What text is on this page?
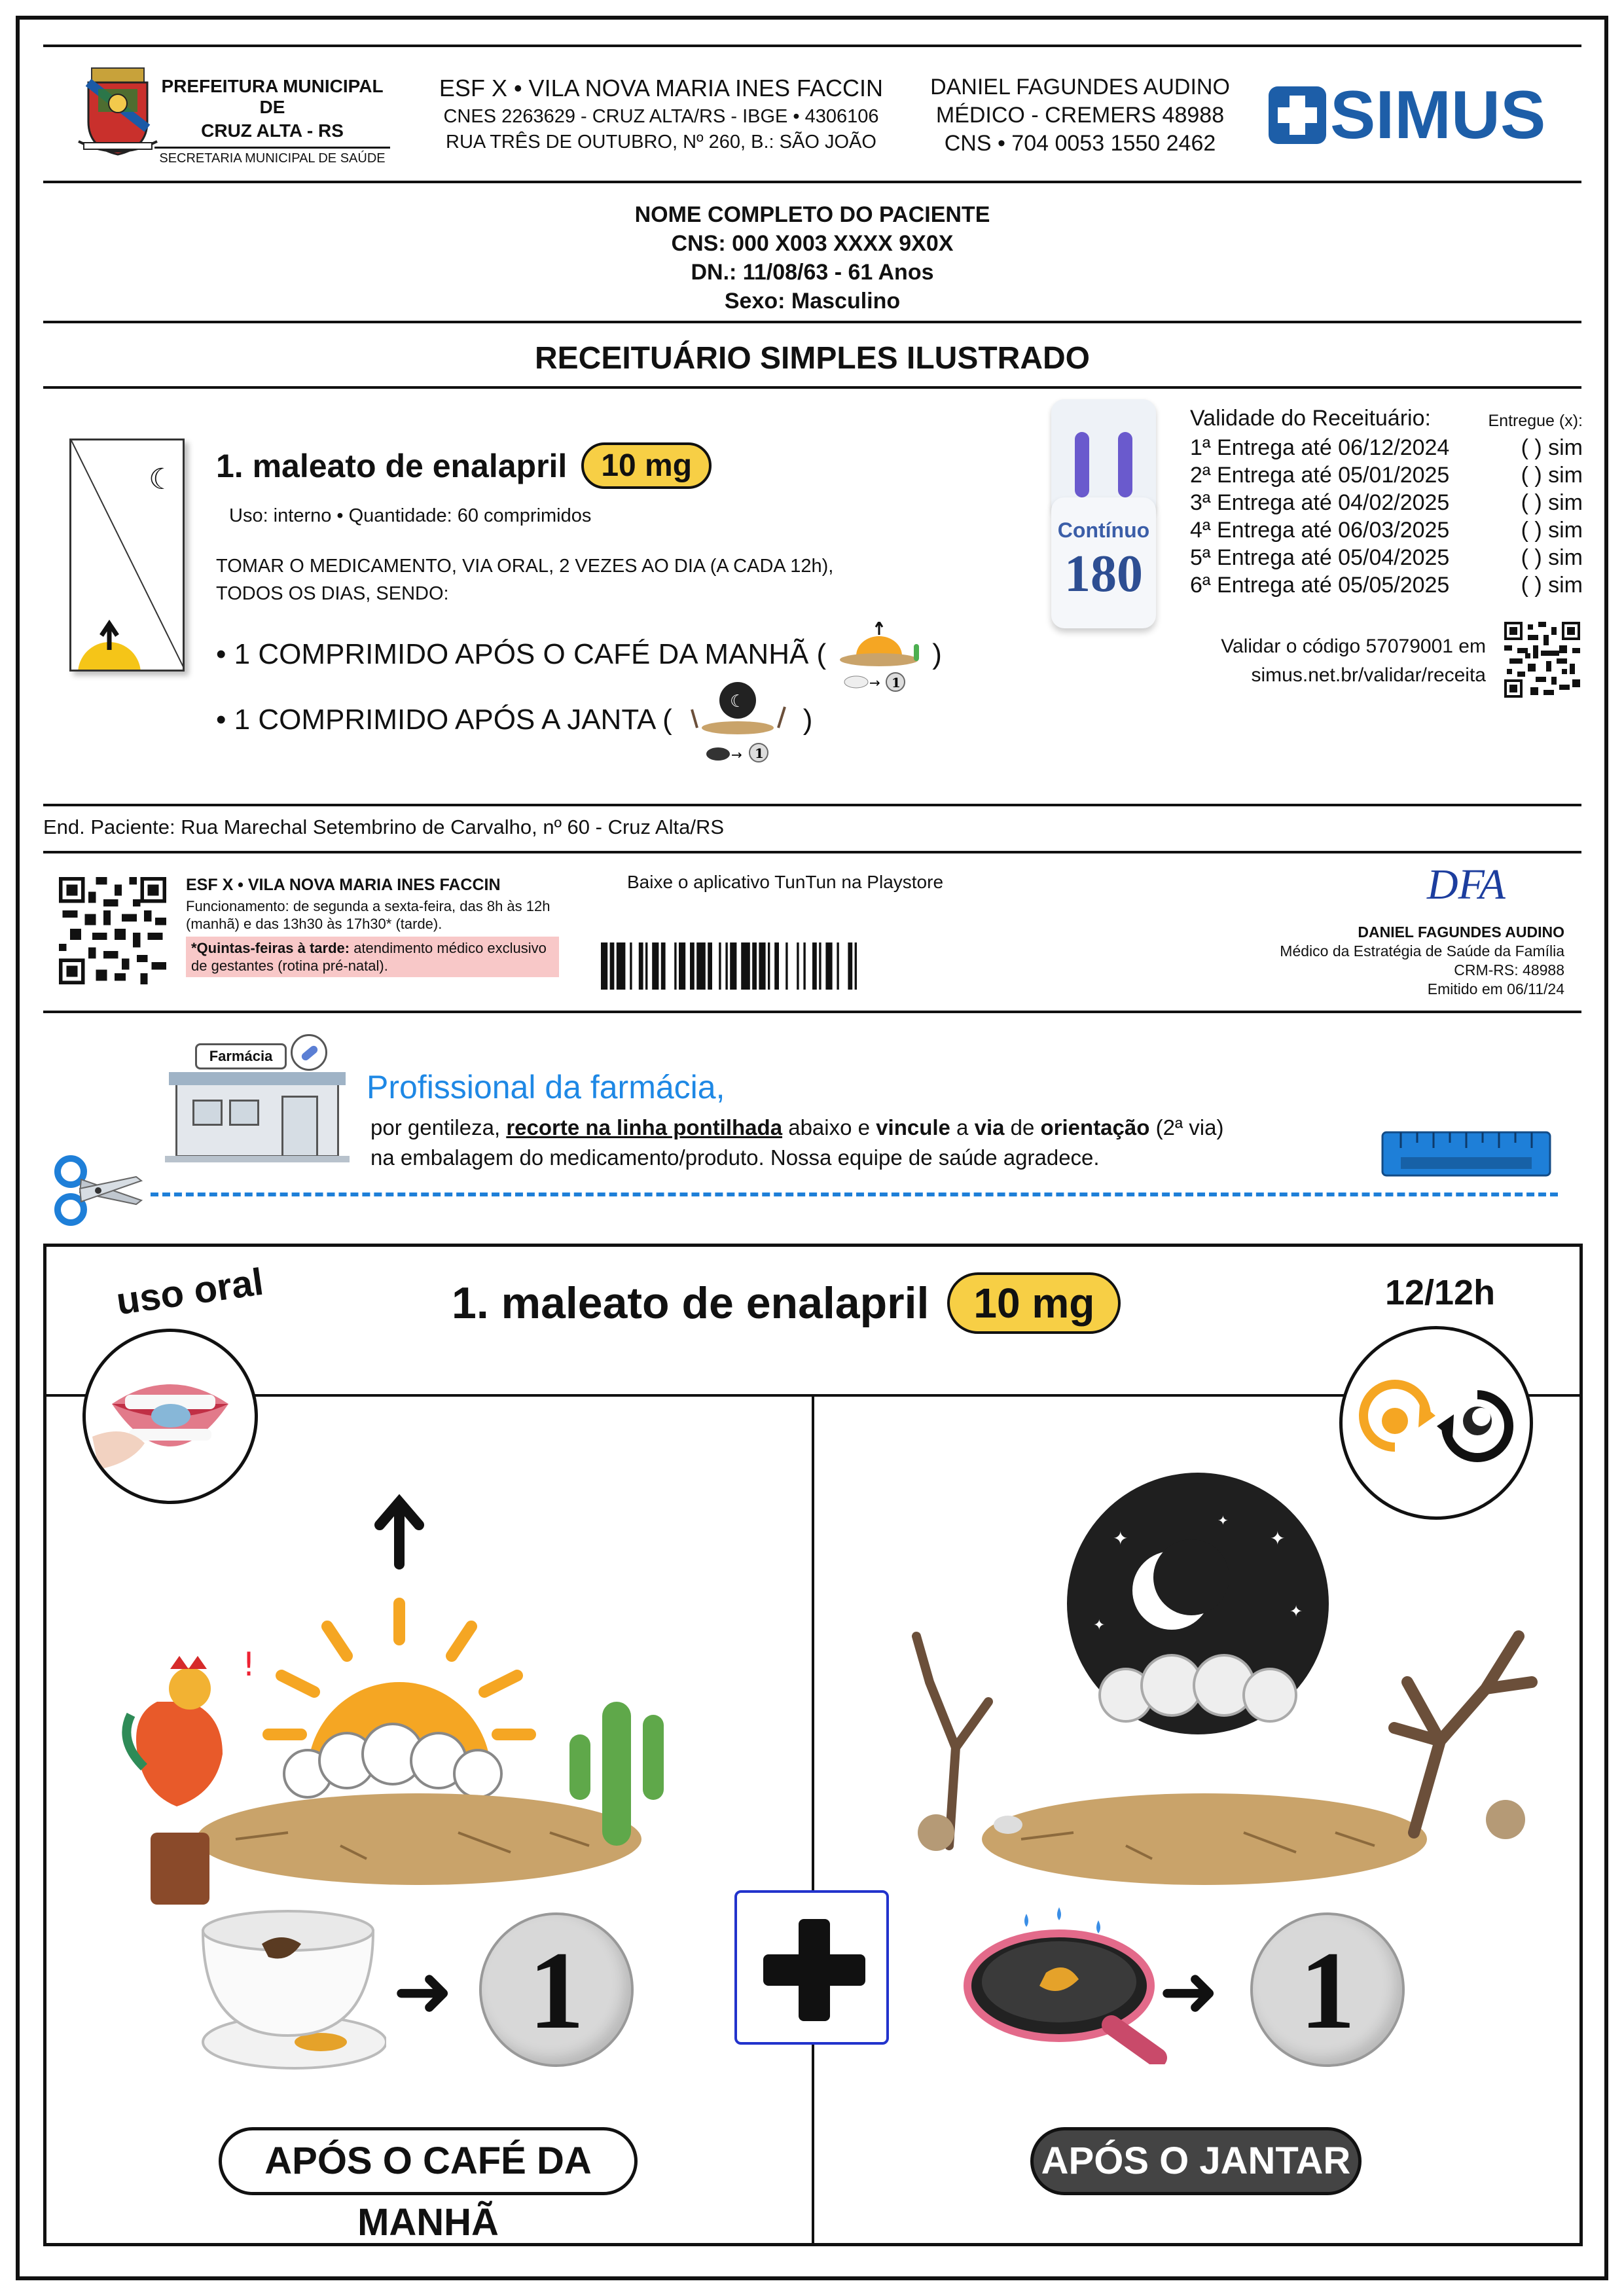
PREFEITURA MUNICIPAL DE
CRUZ ALTA - RS
SECRETARIA MUNICIPAL DE SAÚDE
ESF X • VILA NOVA MARIA INES FACCIN
CNES 2263629 - CRUZ ALTA/RS - IBGE • 4306106
RUA TRÊS DE OUTUBRO, Nº 260, B.: SÃO JOÃO
DANIEL FAGUNDES AUDINO
MÉDICO - CREMERS 48988
CNS • 704 0053 1550 2462	SIMUS
NOME COMPLETO DO PACIENTE
CNS: 000 X003 XXXX 9X0X
DN.: 11/08/63 - 61 Anos
Sexo: Masculino
RECEITUÁRIO SIMPLES ILUSTRADO
☾ 1. maleato de enalapril	10 mg
Uso: interno • Quantidade: 60 comprimidos
TOMAR O MEDICAMENTO, VIA ORAL, 2 VEZES AO DIA (A CADA 12h),
TODOS OS DIAS, SENDO:
• 1 COMPRIMIDO APÓS O CAFÉ DA MANHÃ (
→ 1
)
• 1 COMPRIMIDO APÓS A JANTA (
☾
→ 1
)
Contínuo
180
Validade do Receituário:	Entregue (x):
1ª Entrega até 06/12/2024	( ) sim
2ª Entrega até 05/01/2025	( ) sim
3ª Entrega até 04/02/2025	( ) sim
4ª Entrega até 06/03/2025	( ) sim
5ª Entrega até 05/04/2025	( ) sim
6ª Entrega até 05/05/2025	( ) sim
Validar o código 57079001 em
simus.net.br/validar/receita
End. Paciente: Rua Marechal Setembrino de Carvalho, nº 60 - Cruz Alta/RS
ESF X • VILA NOVA MARIA INES FACCIN
Funcionamento: de segunda a sexta-feira, das 8h às 12h (manhã) e das 13h30 às 17h30* (tarde).
*Quintas-feiras à tarde: atendimento médico exclusivo de gestantes (rotina pré-natal).
Baixe o aplicativo TunTun na Playstore	DFA
DANIEL FAGUNDES AUDINO
Médico da Estratégia de Saúde da Família
CRM-RS: 48988
Emitido em 06/11/24
Farmácia
Profissional da farmácia,
por gentileza, recorte na linha pontilhada abaixo e vincule a via de orientação (2ª via)
na embalagem do medicamento/produto. Nossa equipe de saúde agradece.
uso oral	1. maleato de enalapril	10 mg	12/12h
!
➜ 1
APÓS O CAFÉ DA MANHÃ
✦	✦
✦
✦
✦
➜ 1
APÓS O JANTAR
